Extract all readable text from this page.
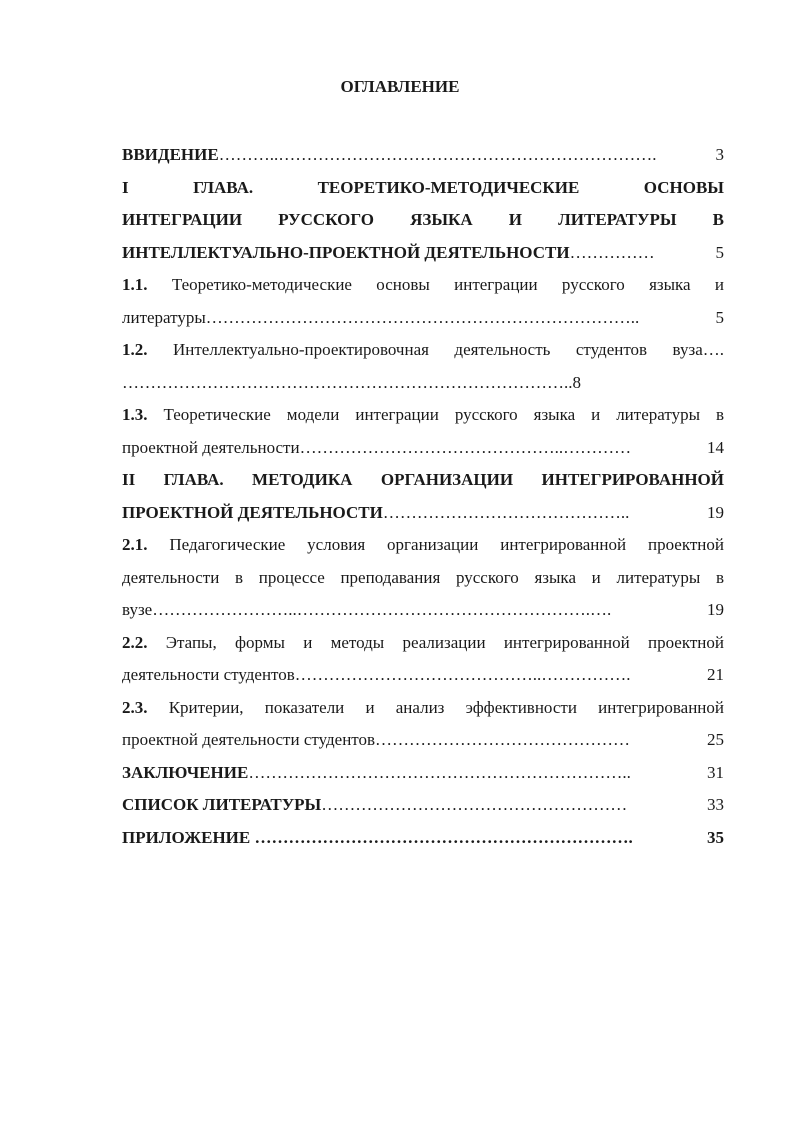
ОГЛАВЛЕНИЕ
ВВИДЕНИЕ………..………………………………………………………….	3
I ГЛАВА. ТЕОРЕТИКО-МЕТОДИЧЕСКИЕ ОСНОВЫ
ИНТЕГРАЦИИ РУССКОГО ЯЗЫКА И ЛИТЕРАТУРЫ В
ИНТЕЛЛЕКТУАЛЬНО-ПРОЕКТНОЙ ДЕЯТЕЛЬНОСТИ……………	5
1.1. Теоретико-методические основы интеграции русского языка и
литературы…………………………………………………………………..	5
1.2. Интеллектуально-проектировочная деятельность студентов вуза….
……………………………………………………………………..8
1.3. Теоретические модели интеграции русского языка и литературы в
проектной деятельности………………………………………..…………	14
II ГЛАВА. МЕТОДИКА ОРГАНИЗАЦИИ ИНТЕГРИРОВАННОЙ
ПРОЕКТНОЙ ДЕЯТЕЛЬНОСТИ……………………………………..	19
2.1. Педагогические условия организации интегрированной проектной
деятельности в процессе преподавания русского языка и литературы в
вузе……………………..…………………………………………….….	19
2.2. Этапы, формы и методы реализации интегрированной проектной
деятельности студентов……………………………………..…………….	21
2.3. Критерии, показатели и анализ эффективности интегрированной
проектной деятельности студентов………………………………………	25
ЗАКЛЮЧЕНИЕ…………………………………………………………..	31
СПИСОК ЛИТЕРАТУРЫ………………………………………………	33
ПРИЛОЖЕНИЕ ………………………………………………………….	35
